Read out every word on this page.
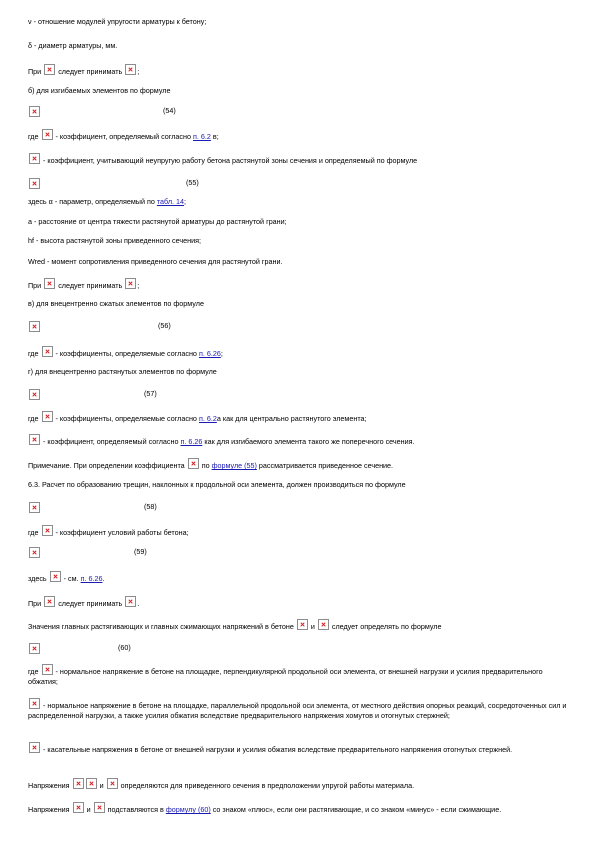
ν - отношение модулей упругости арматуры к бетону;
δ - диаметр арматуры, мм.
При следует принимать ;
б) для изгибаемых элементов по формуле
(54)
где - коэффициент, определяемый согласно п. 6.2 в;
- коэффициент, учитывающий неупругую работу бетона растянутой зоны сечения и определяемый по формуле
(55)
здесь α - параметр, определяемый по табл. 14;
а - расстояние от центра тяжести растянутой арматуры до растянутой грани;
hf - высота растянутой зоны приведенного сечения;
Wred - момент сопротивления приведенного сечения для растянутой грани.
При следует принимать ;
в) для внецентренно сжатых элементов по формуле
(56)
где - коэффициенты, определяемые согласно п. 6.26;
г) для внецентренно растянутых элементов по формуле
(57)
где - коэффициенты, определяемые согласно п. 6.2а как для центрально растянутого элемента;
- коэффициент, определяемый согласно п. 6.26 как для изгибаемого элемента такого же поперечного сечения.
Примечание. При определении коэффициента по формуле (55) рассматривается приведенное сечение.
6.3. Расчет по образованию трещин, наклонных к продольной оси элемента, должен производиться по формуле
(58)
где - коэффициент условий работы бетона;
(59)
здесь - см. п. 6.26.
При следует принимать .
Значения главных растягивающих и главных сжимающих напряжений в бетоне и следует определять по формуле
(60)
где - нормальное напряжение в бетоне на площадке, перпендикулярной продольной оси элемента, от внешней нагрузки и усилия предварительного обжатия;
- нормальное напряжение в бетоне на площадке, параллельной продольной оси элемента, от местного действия опорных реакций, сосредоточенных сил и распределенной нагрузки, а также усилия обжатия вследствие предварительного напряжения хомутов и отогнутых стержней;
- касательные напряжения в бетоне от внешней нагрузки и усилия обжатия вследствие предварительного напряжения отогнутых стержней.
Напряжения	и определяются для приведенного сечения в предположении упругой работы материала.
Напряжения и подставляются в формулу (60) со знаком «плюс», если они растягивающие, и со знаком «минус» - если сжимающие.
